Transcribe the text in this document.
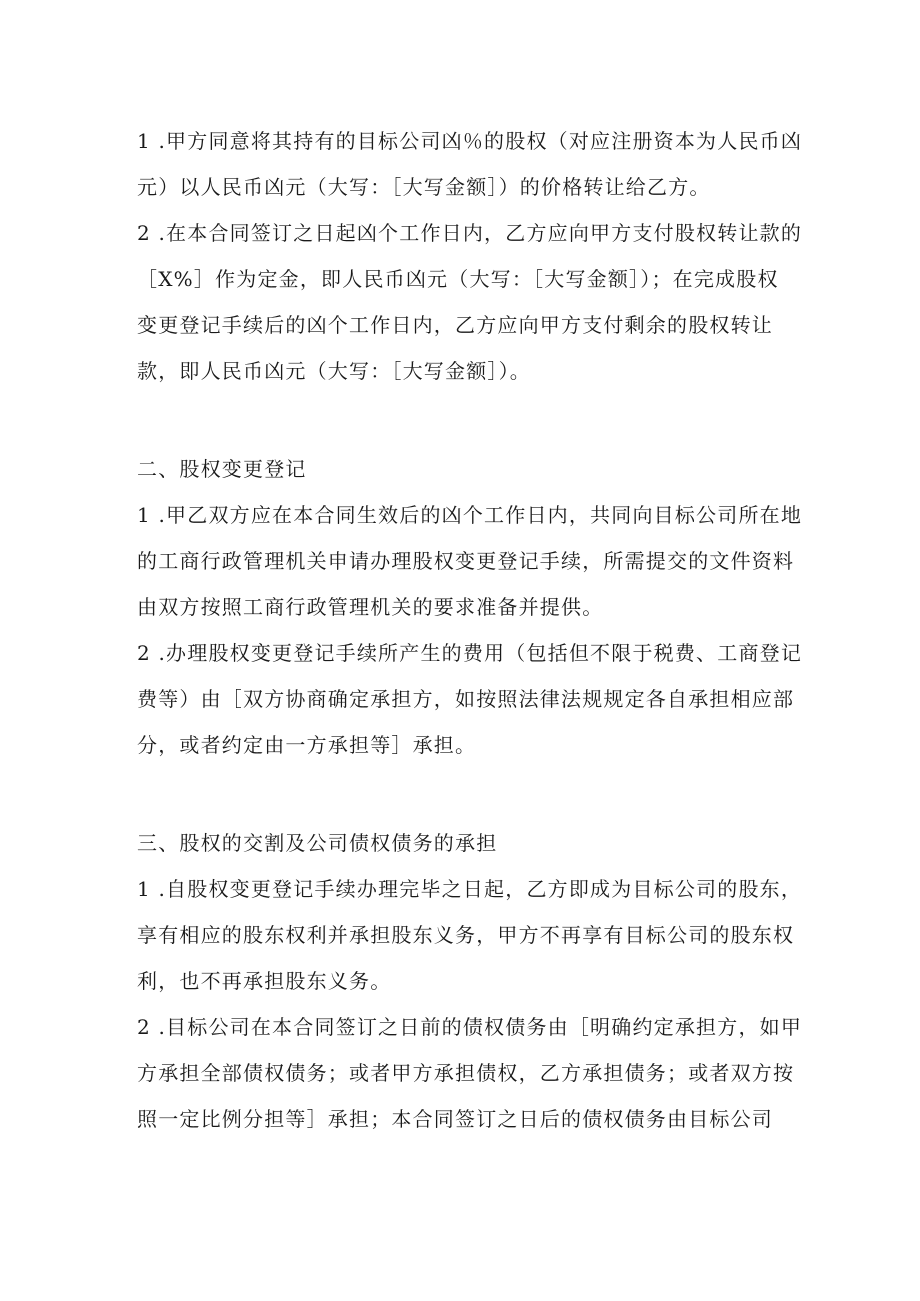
1 .甲方同意将其持有的目标公司凶％的股权（对应注册资本为人民币凶
元）以人民币凶元（大写：［大写金额］）的价格转让给乙方。

2 .在本合同签订之日起凶个工作日内，乙方应向甲方支付股权转让款的
［X%］作为定金，即人民币凶元（大写：［大写金额］）；在完成股权
变更登记手续后的凶个工作日内，乙方应向甲方支付剩余的股权转让
款，即人民币凶元（大写：［大写金额］）。

二、股权变更登记

1 .甲乙双方应在本合同生效后的凶个工作日内，共同向目标公司所在地
的工商行政管理机关申请办理股权变更登记手续，所需提交的文件资料
由双方按照工商行政管理机关的要求准备并提供。

2 .办理股权变更登记手续所产生的费用（包括但不限于税费、工商登记
费等）由［双方协商确定承担方，如按照法律法规规定各自承担相应部
分，或者约定由一方承担等］承担。

三、股权的交割及公司债权债务的承担

1 .自股权变更登记手续办理完毕之日起，乙方即成为目标公司的股东，
享有相应的股东权利并承担股东义务，甲方不再享有目标公司的股东权
利，也不再承担股东义务。

2 .目标公司在本合同签订之日前的债权债务由［明确约定承担方，如甲
方承担全部债权债务；或者甲方承担债权，乙方承担债务；或者双方按
照一定比例分担等］承担；本合同签订之日后的债权债务由目标公司
